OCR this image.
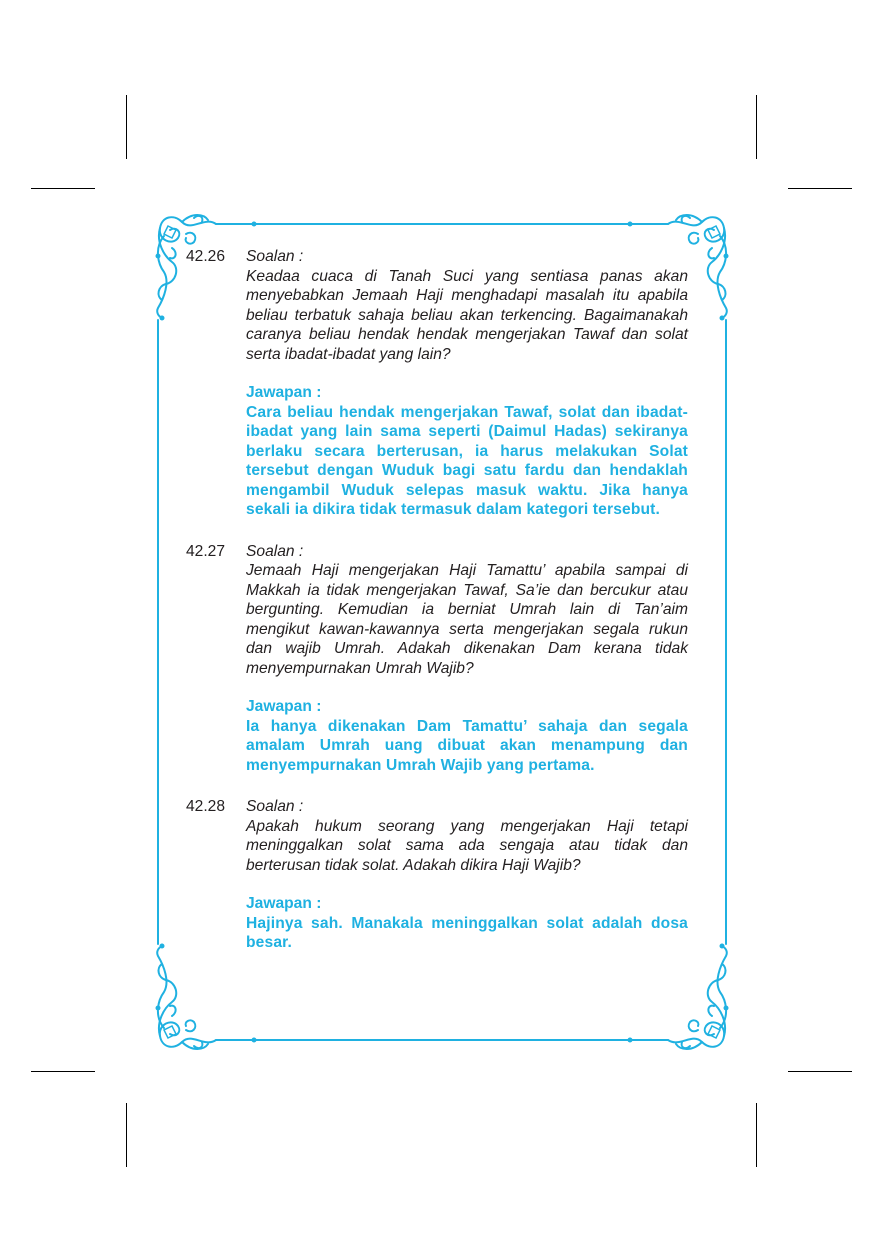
42.26 Soalan :
Keadaa cuaca di Tanah Suci yang sentiasa panas akan menyebabkan Jemaah Haji menghadapi masalah itu apabila beliau terbatuk sahaja beliau akan terkencing. Bagaimanakah caranya beliau hendak hendak mengerjakan Tawaf dan solat serta ibadat-ibadat yang lain?
Jawapan :
Cara beliau hendak mengerjakan Tawaf, solat dan ibadat-ibadat yang lain sama seperti (Daimul Hadas) sekiranya berlaku secara berterusan, ia harus melakukan Solat tersebut dengan Wuduk bagi satu fardu dan hendaklah mengambil Wuduk selepas masuk waktu. Jika hanya sekali ia dikira tidak termasuk dalam kategori tersebut.
42.27 Soalan :
Jemaah Haji mengerjakan Haji Tamattu’ apabila sampai di Makkah ia tidak mengerjakan Tawaf, Sa’ie dan bercukur atau bergunting. Kemudian ia berniat Umrah lain di Tan’aim mengikut kawan-kawannya serta mengerjakan segala rukun dan wajib Umrah. Adakah dikenakan Dam kerana tidak menyempurnakan Umrah Wajib?
Jawapan :
Ia hanya dikenakan Dam Tamattu’ sahaja dan segala amalam Umrah uang dibuat akan menampung dan menyempurnakan Umrah Wajib yang pertama.
42.28 Soalan :
Apakah hukum seorang yang mengerjakan Haji tetapi meninggalkan solat sama ada sengaja atau tidak dan berterusan tidak solat. Adakah dikira Haji Wajib?
Jawapan :
Hajinya sah. Manakala meninggalkan solat adalah dosa besar.
